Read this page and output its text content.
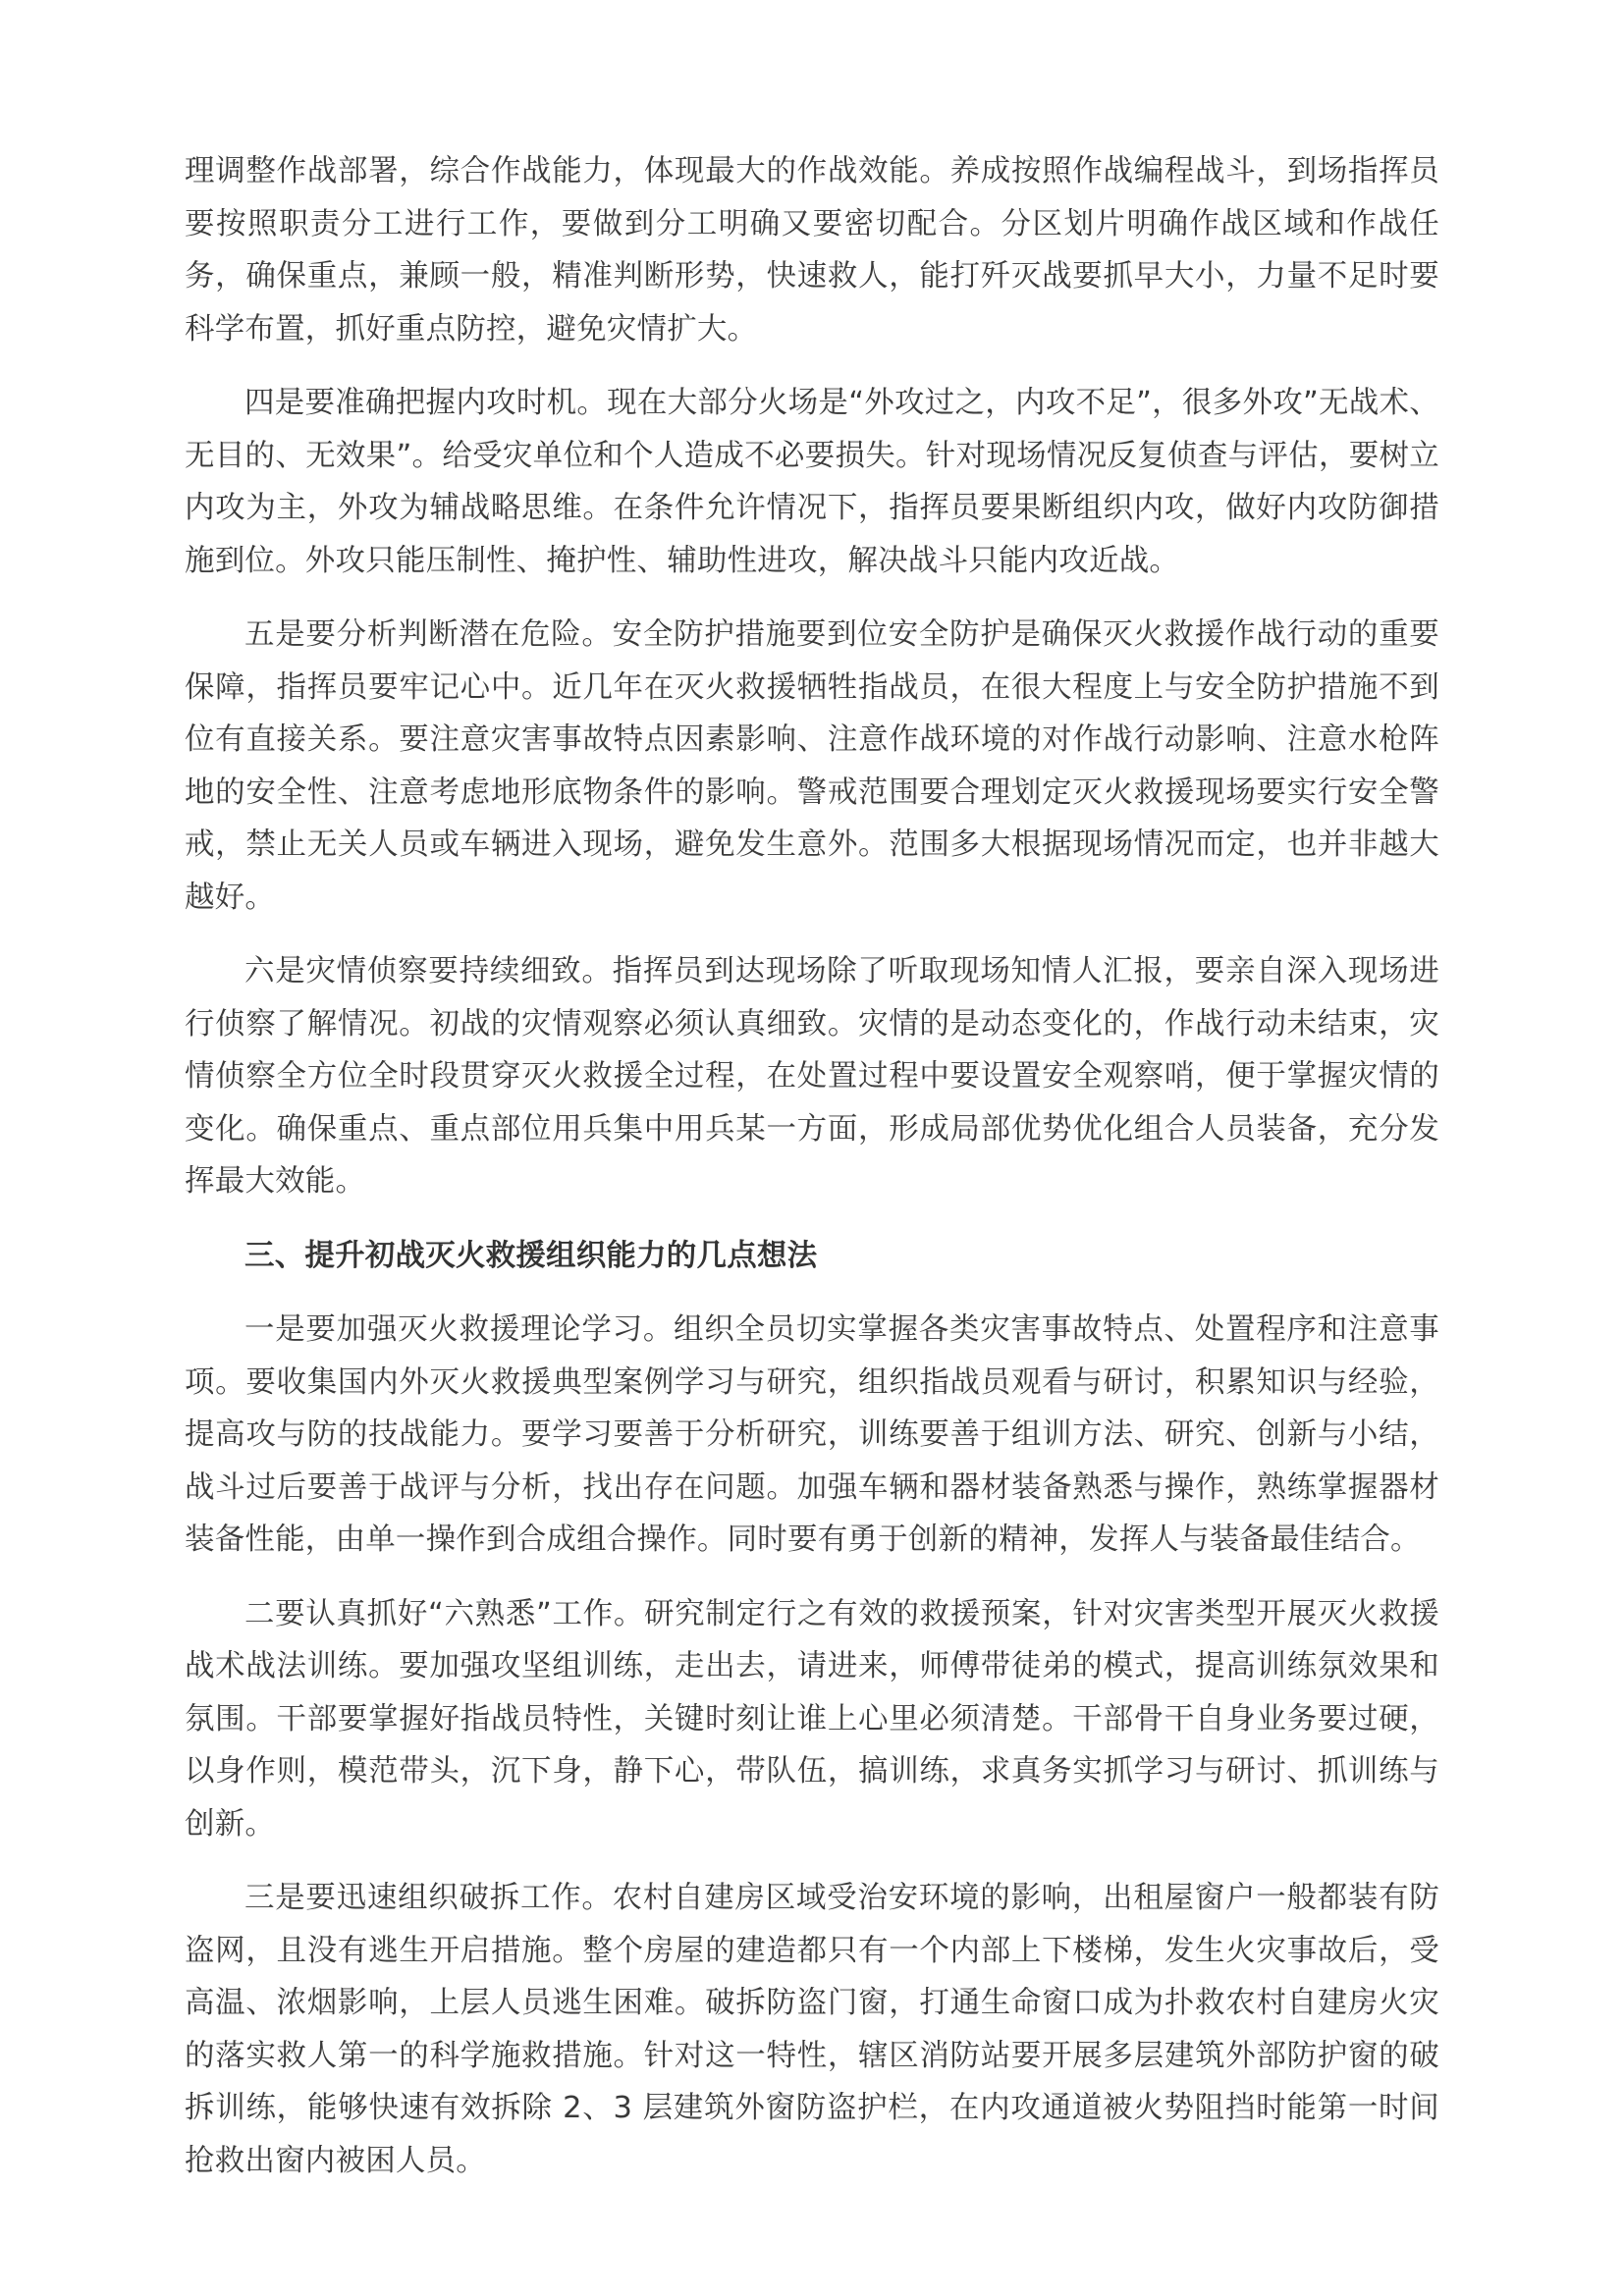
理调整作战部署，综合作战能力，体现最大的作战效能。养成按照作战编程战斗，到场指挥员要按照职责分工进行工作，要做到分工明确又要密切配合。分区划片明确作战区域和作战任务，确保重点，兼顾一般，精准判断形势，快速救人，能打歼灭战要抓早大小，力量不足时要科学布置，抓好重点防控，避免灾情扩大。

四是要准确把握内攻时机。现在大部分火场是“外攻过之，内攻不足”，很多外攻”无战术、无目的、无效果”。给受灾单位和个人造成不必要损失。针对现场情况反复侦查与评估，要树立内攻为主，外攻为辅战略思维。在条件允许情况下，指挥员要果断组织内攻，做好内攻防御措施到位。外攻只能压制性、掩护性、辅助性进攻，解决战斗只能内攻近战。

五是要分析判断潜在危险。安全防护措施要到位安全防护是确保灭火救援作战行动的重要保障，指挥员要牢记心中。近几年在灭火救援牺牲指战员，在很大程度上与安全防护措施不到位有直接关系。要注意灾害事故特点因素影响、注意作战环境的对作战行动影响、注意水枪阵地的安全性、注意考虑地形底物条件的影响。警戒范围要合理划定灭火救援现场要实行安全警戒，禁止无关人员或车辆进入现场，避免发生意外。范围多大根据现场情况而定，也并非越大越好。

六是灾情侦察要持续细致。指挥员到达现场除了听取现场知情人汇报，要亲自深入现场进行侦察了解情况。初战的灾情观察必须认真细致。灾情的是动态变化的，作战行动未结束，灾情侦察全方位全时段贯穿灭火救援全过程，在处置过程中要设置安全观察哨，便于掌握灾情的变化。确保重点、重点部位用兵集中用兵某一方面，形成局部优势优化组合人员装备，充分发挥最大效能。

三、提升初战灭火救援组织能力的几点想法

一是要加强灭火救援理论学习。组织全员切实掌握各类灾害事故特点、处置程序和注意事项。要收集国内外灭火救援典型案例学习与研究，组织指战员观看与研讨，积累知识与经验，提高攻与防的技战能力。要学习要善于分析研究，训练要善于组训方法、研究、创新与小结，战斗过后要善于战评与分析，找出存在问题。加强车辆和器材装备熟悉与操作，熟练掌握器材装备性能，由单一操作到合成组合操作。同时要有勇于创新的精神，发挥人与装备最佳结合。

二要认真抓好“六熟悉”工作。研究制定行之有效的救援预案，针对灾害类型开展灭火救援战术战法训练。要加强攻坚组训练，走出去，请进来，师傅带徒弟的模式，提高训练氛效果和氛围。干部要掌握好指战员特性，关键时刻让谁上心里必须清楚。干部骨干自身业务要过硬，以身作则，模范带头，沉下身，静下心，带队伍，搞训练，求真务实抓学习与研讨、抓训练与创新。

三是要迅速组织破拆工作。农村自建房区域受治安环境的影响，出租屋窗户一般都装有防盗网，且没有逃生开启措施。整个房屋的建造都只有一个内部上下楼梯，发生火灾事故后，受高温、浓烟影响，上层人员逃生困难。破拆防盗门窗，打通生命窗口成为扑救农村自建房火灾的落实救人第一的科学施救措施。针对这一特性，辖区消防站要开展多层建筑外部防护窗的破拆训练，能够快速有效拆除 2、3 层建筑外窗防盗护栏，在内攻通道被火势阻挡时能第一时间抢救出窗内被困人员。
